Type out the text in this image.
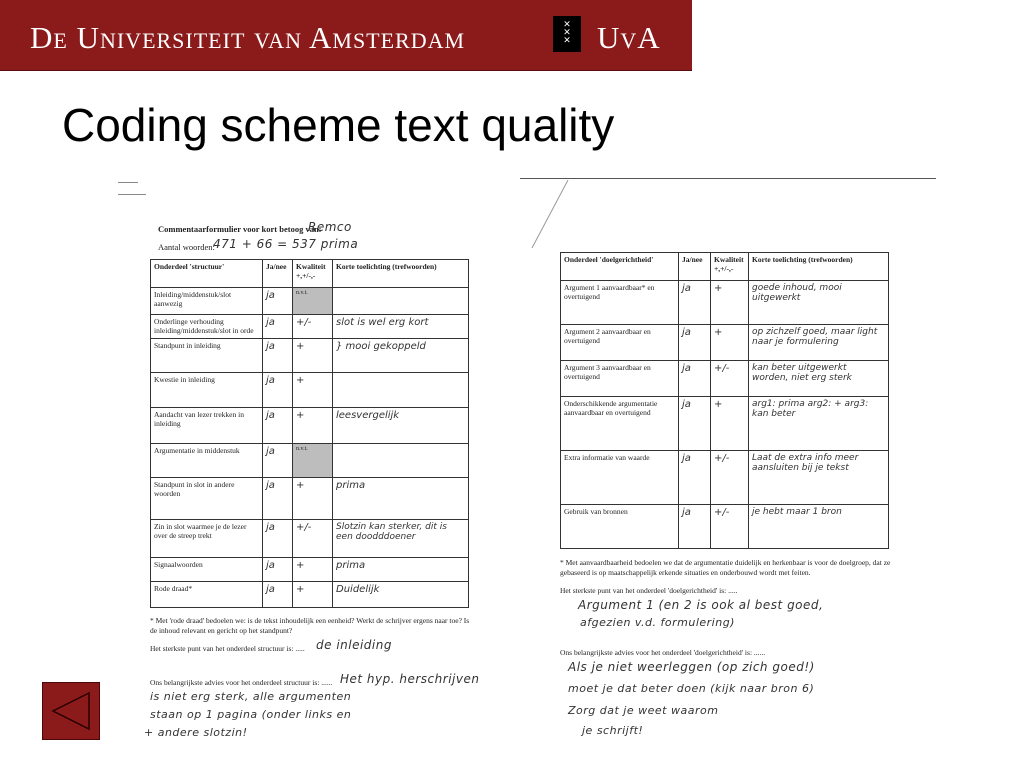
De Universiteit van Amsterdam	✕
✕
✕ UvA
Coding scheme text quality
Commentaarformulier voor kort betoog van:
Remco
Aantal woorden:
471 + 66 = 537 prima
Onderdeel 'structuur'	Ja/nee	Kwaliteit +,+/-,-	Korte toelichting (trefwoorden)
Inleiding/middenstuk/slot aanwezig	ja	n.v.t.	
Onderlinge verhouding inleiding/middenstuk/slot in orde	ja	+/-	slot is wel erg kort
Standpunt in inleiding	ja	+	} mooi gekoppeld
Kwestie in inleiding	ja	+	
Aandacht van lezer trekken in inleiding	ja	+	leesvergelijk
Argumentatie in middenstuk	ja	n.v.t.	
Standpunt in slot in andere woorden	ja	+	prima
Zin in slot waarmee je de lezer over de streep trekt	ja	+/-	Slotzin kan sterker, dit is een doodddoener
Signaalwoorden	ja	+	prima
Rode draad*	ja	+	Duidelijk
* Met 'rode draad' bedoelen we: is de tekst inhoudelijk een eenheid? Werkt de schrijver ergens naar toe? Is de inhoud relevant en gericht op het standpunt?
Het sterkste punt van het onderdeel structuur is: ..... de inleiding
Ons belangrijkste advies voor het onderdeel structuur is: ...... Het hyp. herschrijven
is niet erg sterk, alle argumenten
staan op 1 pagina (onder links en
+ andere slotzin!
Onderdeel 'doelgerichtheid'	Ja/nee	Kwaliteit +,+/-,-	Korte toelichting (trefwoorden)
Argument 1 aanvaardbaar* en overtuigend	ja	+	goede inhoud, mooi uitgewerkt
Argument 2 aanvaardbaar en overtuigend	ja	+	op zichzelf goed, maar light naar je formulering
Argument 3 aanvaardbaar en overtuigend	ja	+/-	kan beter uitgewerkt worden, niet erg sterk
Onderschikkende argumentatie aanvaardbaar en overtuigend	ja	+	arg1: prima arg2: + arg3: kan beter
Extra informatie van waarde	ja	+/-	Laat de extra info meer aansluiten bij je tekst
Gebruik van bronnen	ja	+/-	je hebt maar 1 bron
* Met aanvaardbaarheid bedoelen we dat de argumentatie duidelijk en herkenbaar is voor de doelgroep, dat ze gebaseerd is op maatschappelijk erkende situaties en onderbouwd wordt met feiten.
Het sterkste punt van het onderdeel 'doelgerichtheid' is: .....
Argument 1 (en 2 is ook al best goed,
afgezien v.d. formulering)
Ons belangrijkste advies voor het onderdeel 'doelgerichtheid' is: ......
Als je niet weerleggen (op zich goed!)
moet je dat beter doen (kijk naar bron 6)
Zorg dat je weet waarom
je schrijft!
